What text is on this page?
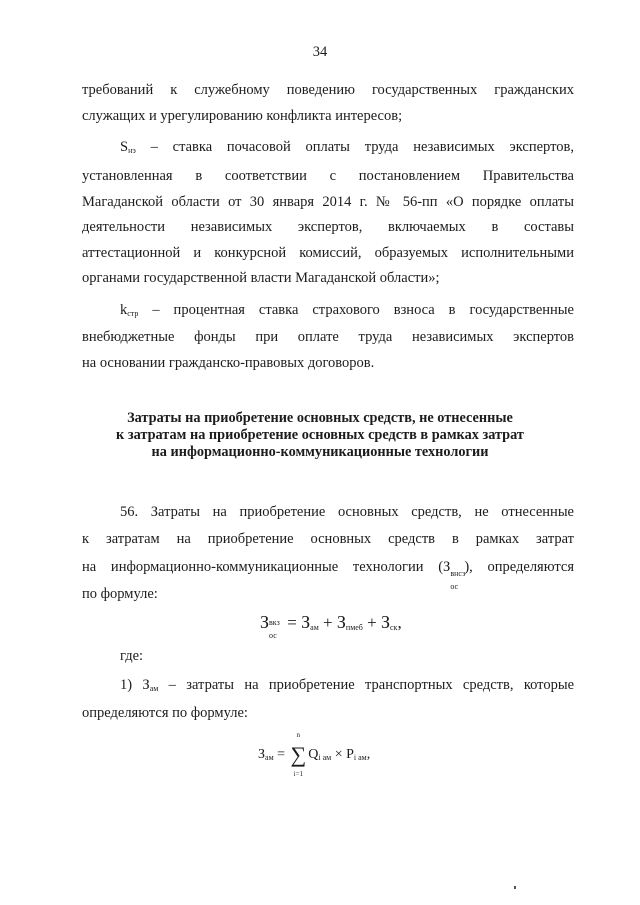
34
требований к служебному поведению государственных гражданских
служащих и урегулированию конфликта интересов;
$S_{нэ}$ – ставка почасовой оплаты труда независимых экспертов,
установленная в соответствии с постановлением Правительства
Магаданской области от 30 января 2014 г. № 56-пп «О порядке оплаты
деятельности независимых экспертов, включаемых в составы
аттестационной и конкурсной комиссий, образуемых исполнительными
органами государственной власти Магаданской области»;
$k_{стр}$ – процентная ставка страхового взноса в государственные
внебюджетные фонды при оплате труда независимых экспертов
на основании гражданско-правовых договоров.
Затраты на приобретение основных средств, не отнесенные
к затратам на приобретение основных средств в рамках затрат
на информационно-коммуникационные технологии
56. Затраты на приобретение основных средств, не отнесенные
к затратам на приобретение основных средств в рамках затрат
на информационно-коммуникационные технологии (З внсз
ос
), определяются
по формуле:
З вкз
ос
= $З_{ам} + З_{пмеб} + З_{ск}$,
где:
1) $З_{ам}$ – затраты на приобретение транспортных средств, которые
определяются по формуле:
$З_{ам}$ = ∑
n
i=1
$Q_{i ам} \times P_{i ам}$,
